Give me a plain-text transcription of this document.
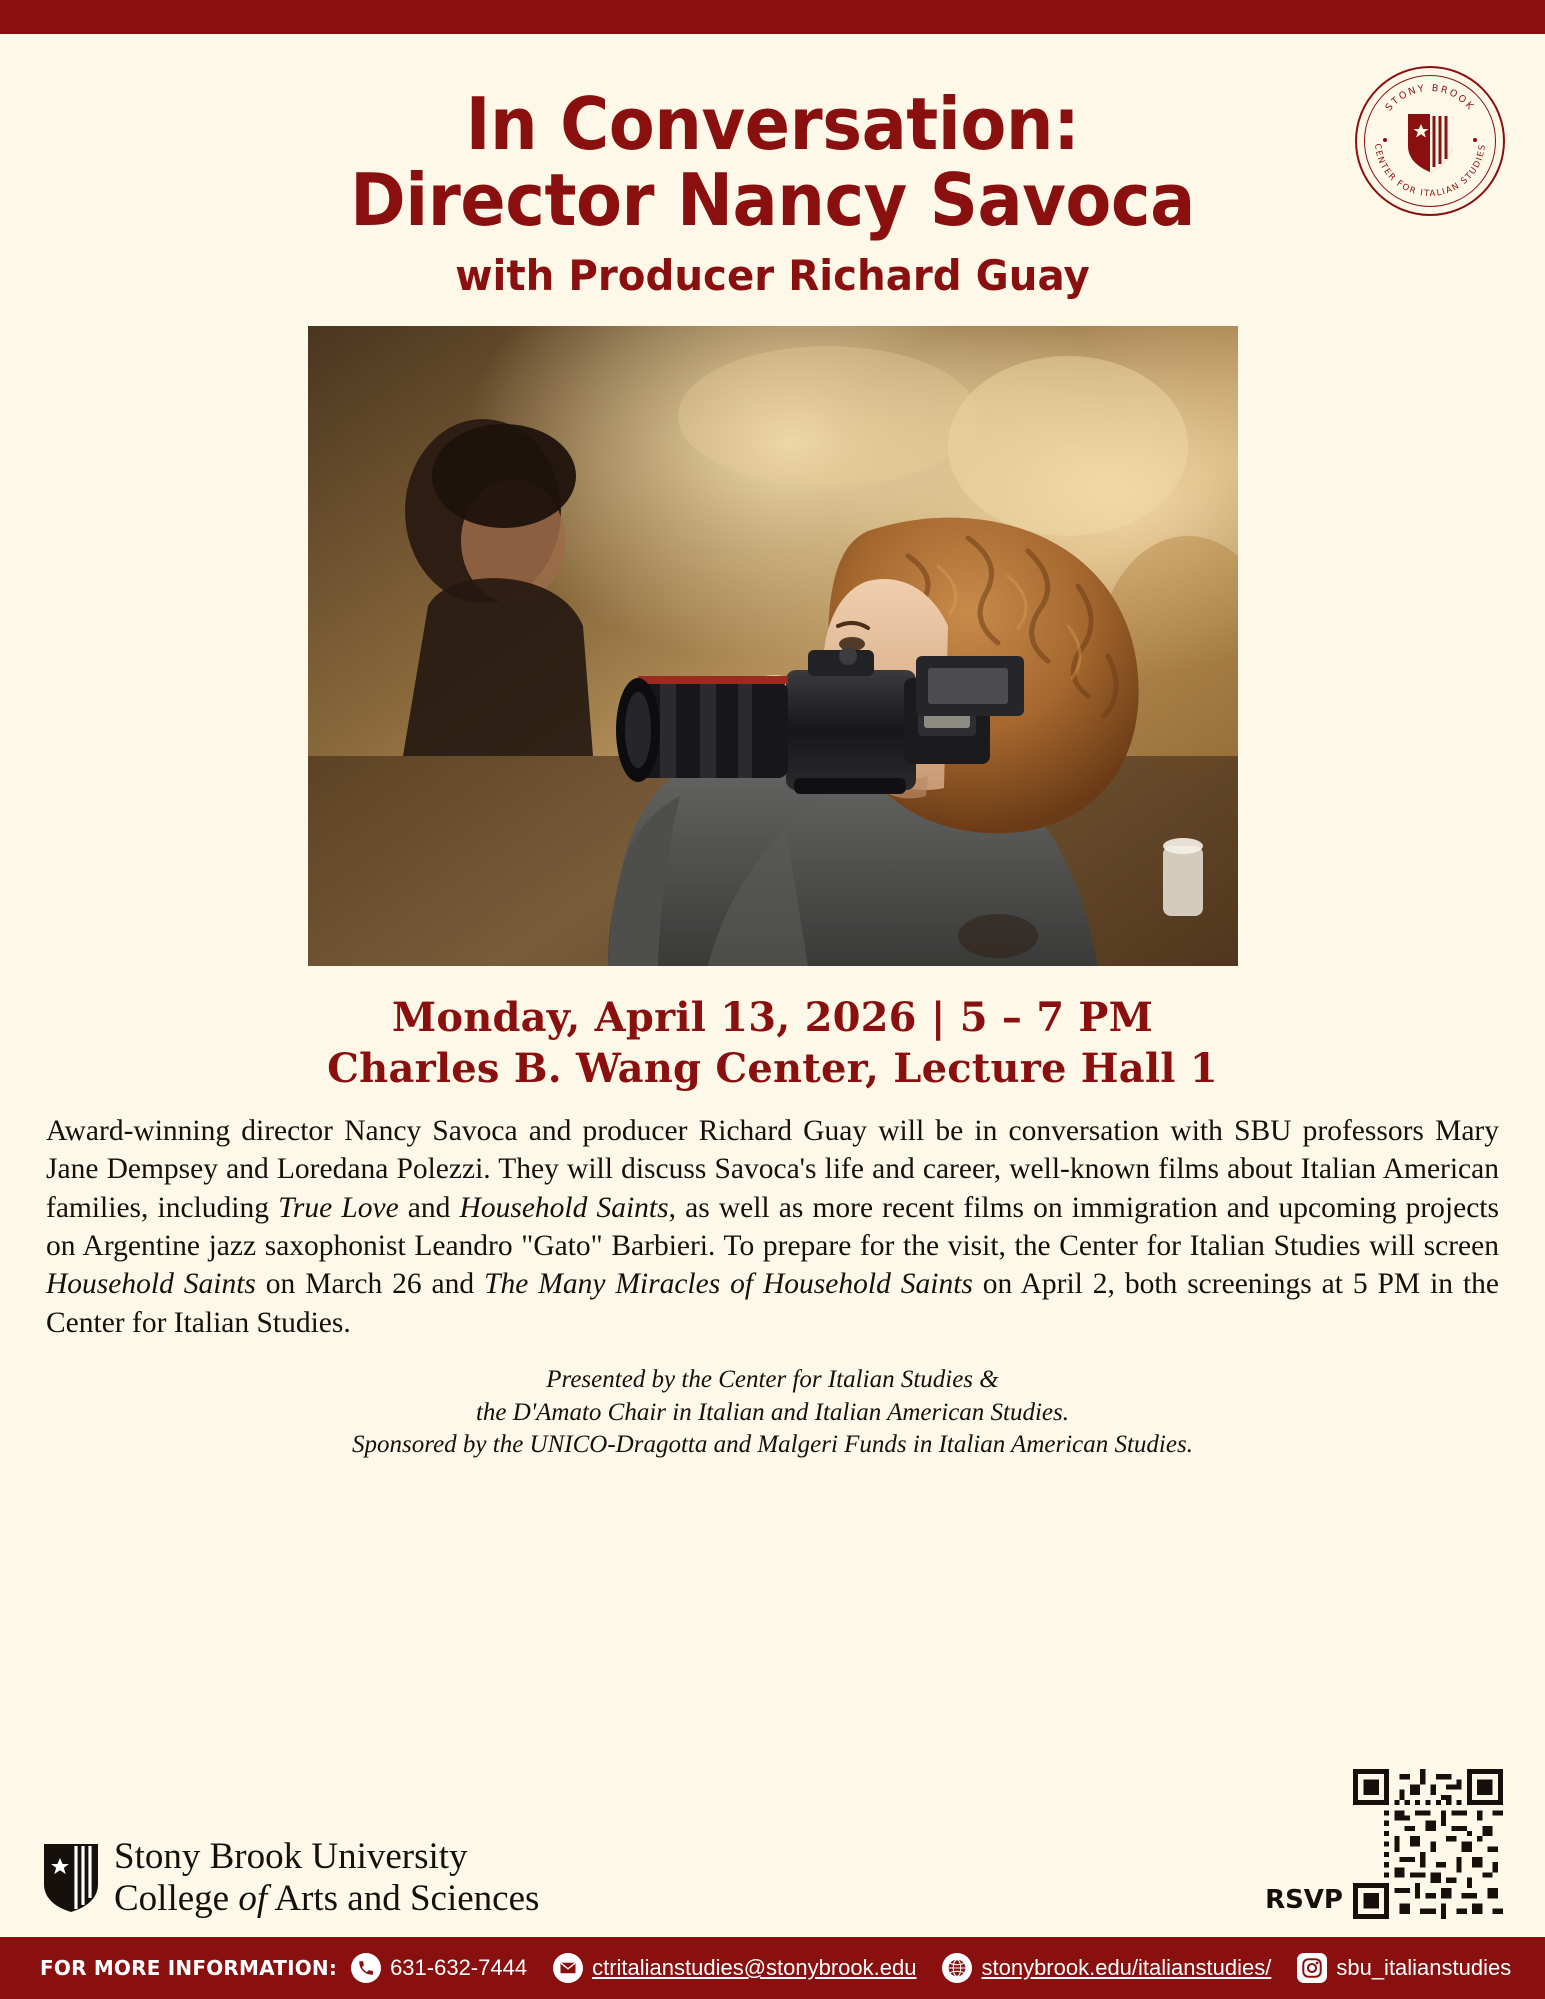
STONY BROOK
CENTER FOR ITALIAN STUDIES
In Conversation:
Director Nancy Savoca
with Producer Richard Guay
Monday, April 13, 2026 | 5 – 7 PM
Charles B. Wang Center, Lecture Hall 1
Award-winning director Nancy Savoca and producer Richard Guay will be in conversation with SBU professors Mary Jane Dempsey and Loredana Polezzi. They will discuss Savoca's life and career, well-known films about Italian American families, including True Love and Household Saints, as well as more recent films on immigration and upcoming projects on Argentine jazz saxophonist Leandro "Gato" Barbieri. To prepare for the visit, the Center for Italian Studies will screen Household Saints on March 26 and The Many Miracles of Household Saints on April 2, both screenings at 5 PM in the Center for Italian Studies.
Presented by the Center for Italian Studies &
the D'Amato Chair in Italian and Italian American Studies.
Sponsored by the UNICO-Dragotta and Malgeri Funds in Italian American Studies.
Stony Brook University
College of Arts and Sciences	RSVP
FOR MORE INFORMATION: 631-632-7444	ctritalianstudies@stonybrook.edu	stonybrook.edu/italianstudies/	sbu_italianstudies
